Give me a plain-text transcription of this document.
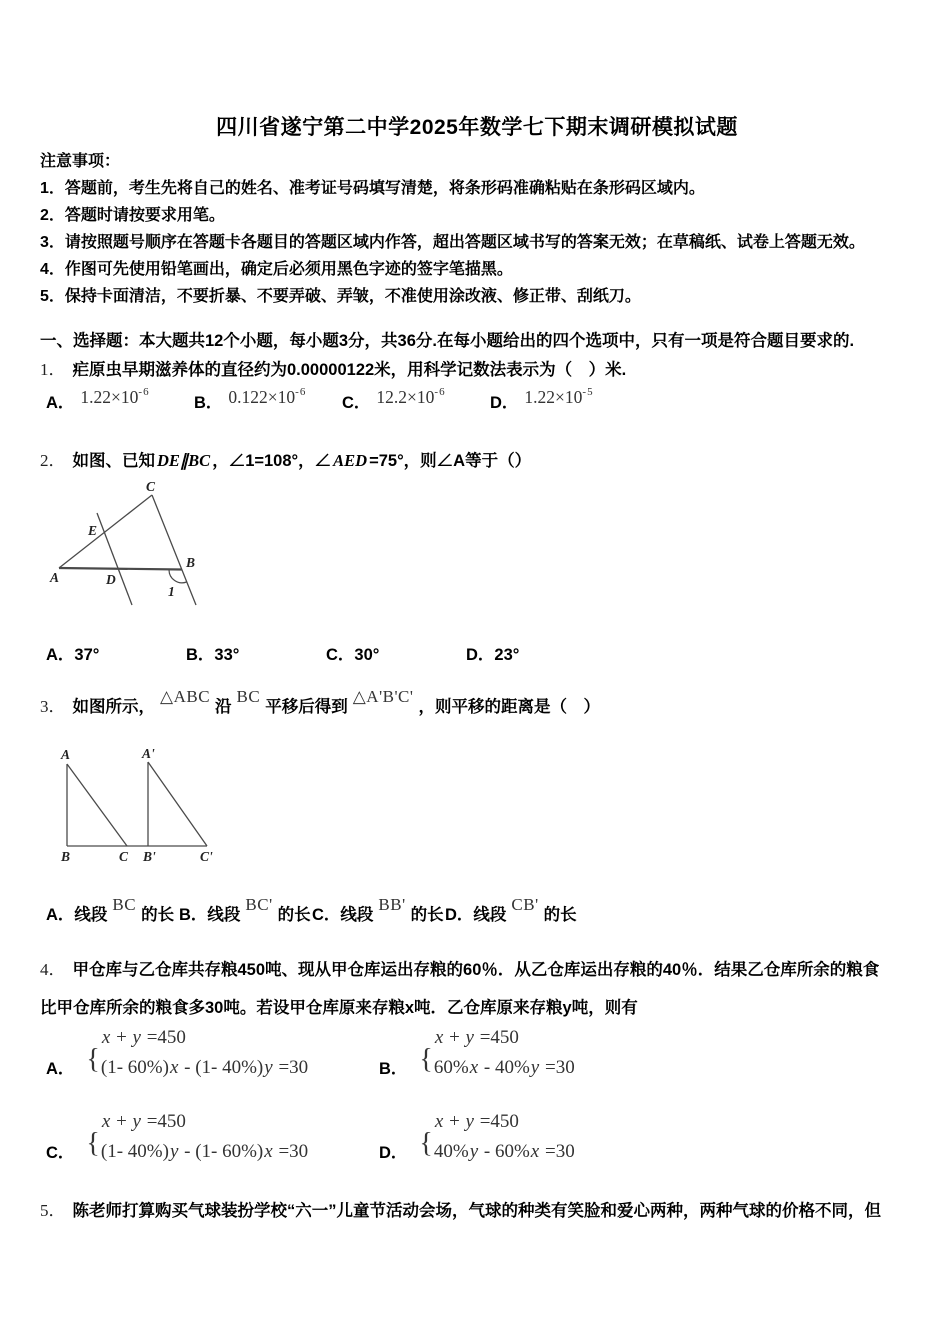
四川省遂宁第二中学2025年数学七下期末调研模拟试题
注意事项：
1．答题前，考生先将自己的姓名、准考证号码填写清楚，将条形码准确粘贴在条形码区域内。
2．答题时请按要求用笔。
3．请按照题号顺序在答题卡各题目的答题区域内作答，超出答题区域书写的答案无效；在草稿纸、试卷上答题无效。
4．作图可先使用铅笔画出，确定后必须用黑色字迹的签字笔描黑。
5．保持卡面清洁，不要折暴、不要弄破、弄皱，不准使用涂改液、修正带、刮纸刀。
一、选择题：本大题共12个小题，每小题3分，共36分.在每小题给出的四个选项中，只有一项是符合题目要求的.
1． 疟原虫早期滋养体的直径约为0.00000122米，用科学记数法表示为（　）米.
A． $1.22\times 10^{-6}$
B． $0.122\times 10^{-6}$
C． $12.2\times 10^{-6}$
D． $1.22\times 10^{-5}$
2． 如图、已知 DE∥BC ，∠1=108°，∠ AED =75°，则∠A等于（）
A	D
B
C
E
1
A．37°	B．33°	C．30°	D．23°
3． 如图所示，△ABC沿BC平移后得到△A'B'C'，则平移的距离是（　）
A
B	C
A'
B'	C'
A．线段BC的长 B．线段BC'的长 C．线段BB'的长 D．线段CB'的长
4． 甲仓库与乙仓库共存粮450吨、现从甲仓库运出存粮的60％．从乙仓库运出存粮的40％．结果乙仓库所余的粮食
比甲仓库所余的粮食多30吨。若设甲仓库原来存粮x吨．乙仓库原来存粮y吨，则有
A． {
x + y =450
(1- 60%)x - (1- 40%)y =30	B． {
x + y =450
60%x - 40%y =30
C． {
x + y =450
(1- 40%)y - (1- 60%)x =30	D． {
x + y =450
40%y - 60%x =30
5． 陈老师打算购买气球装扮学校“六一”儿童节活动会场，气球的种类有笑脸和爱心两种，两种气球的价格不同，但
